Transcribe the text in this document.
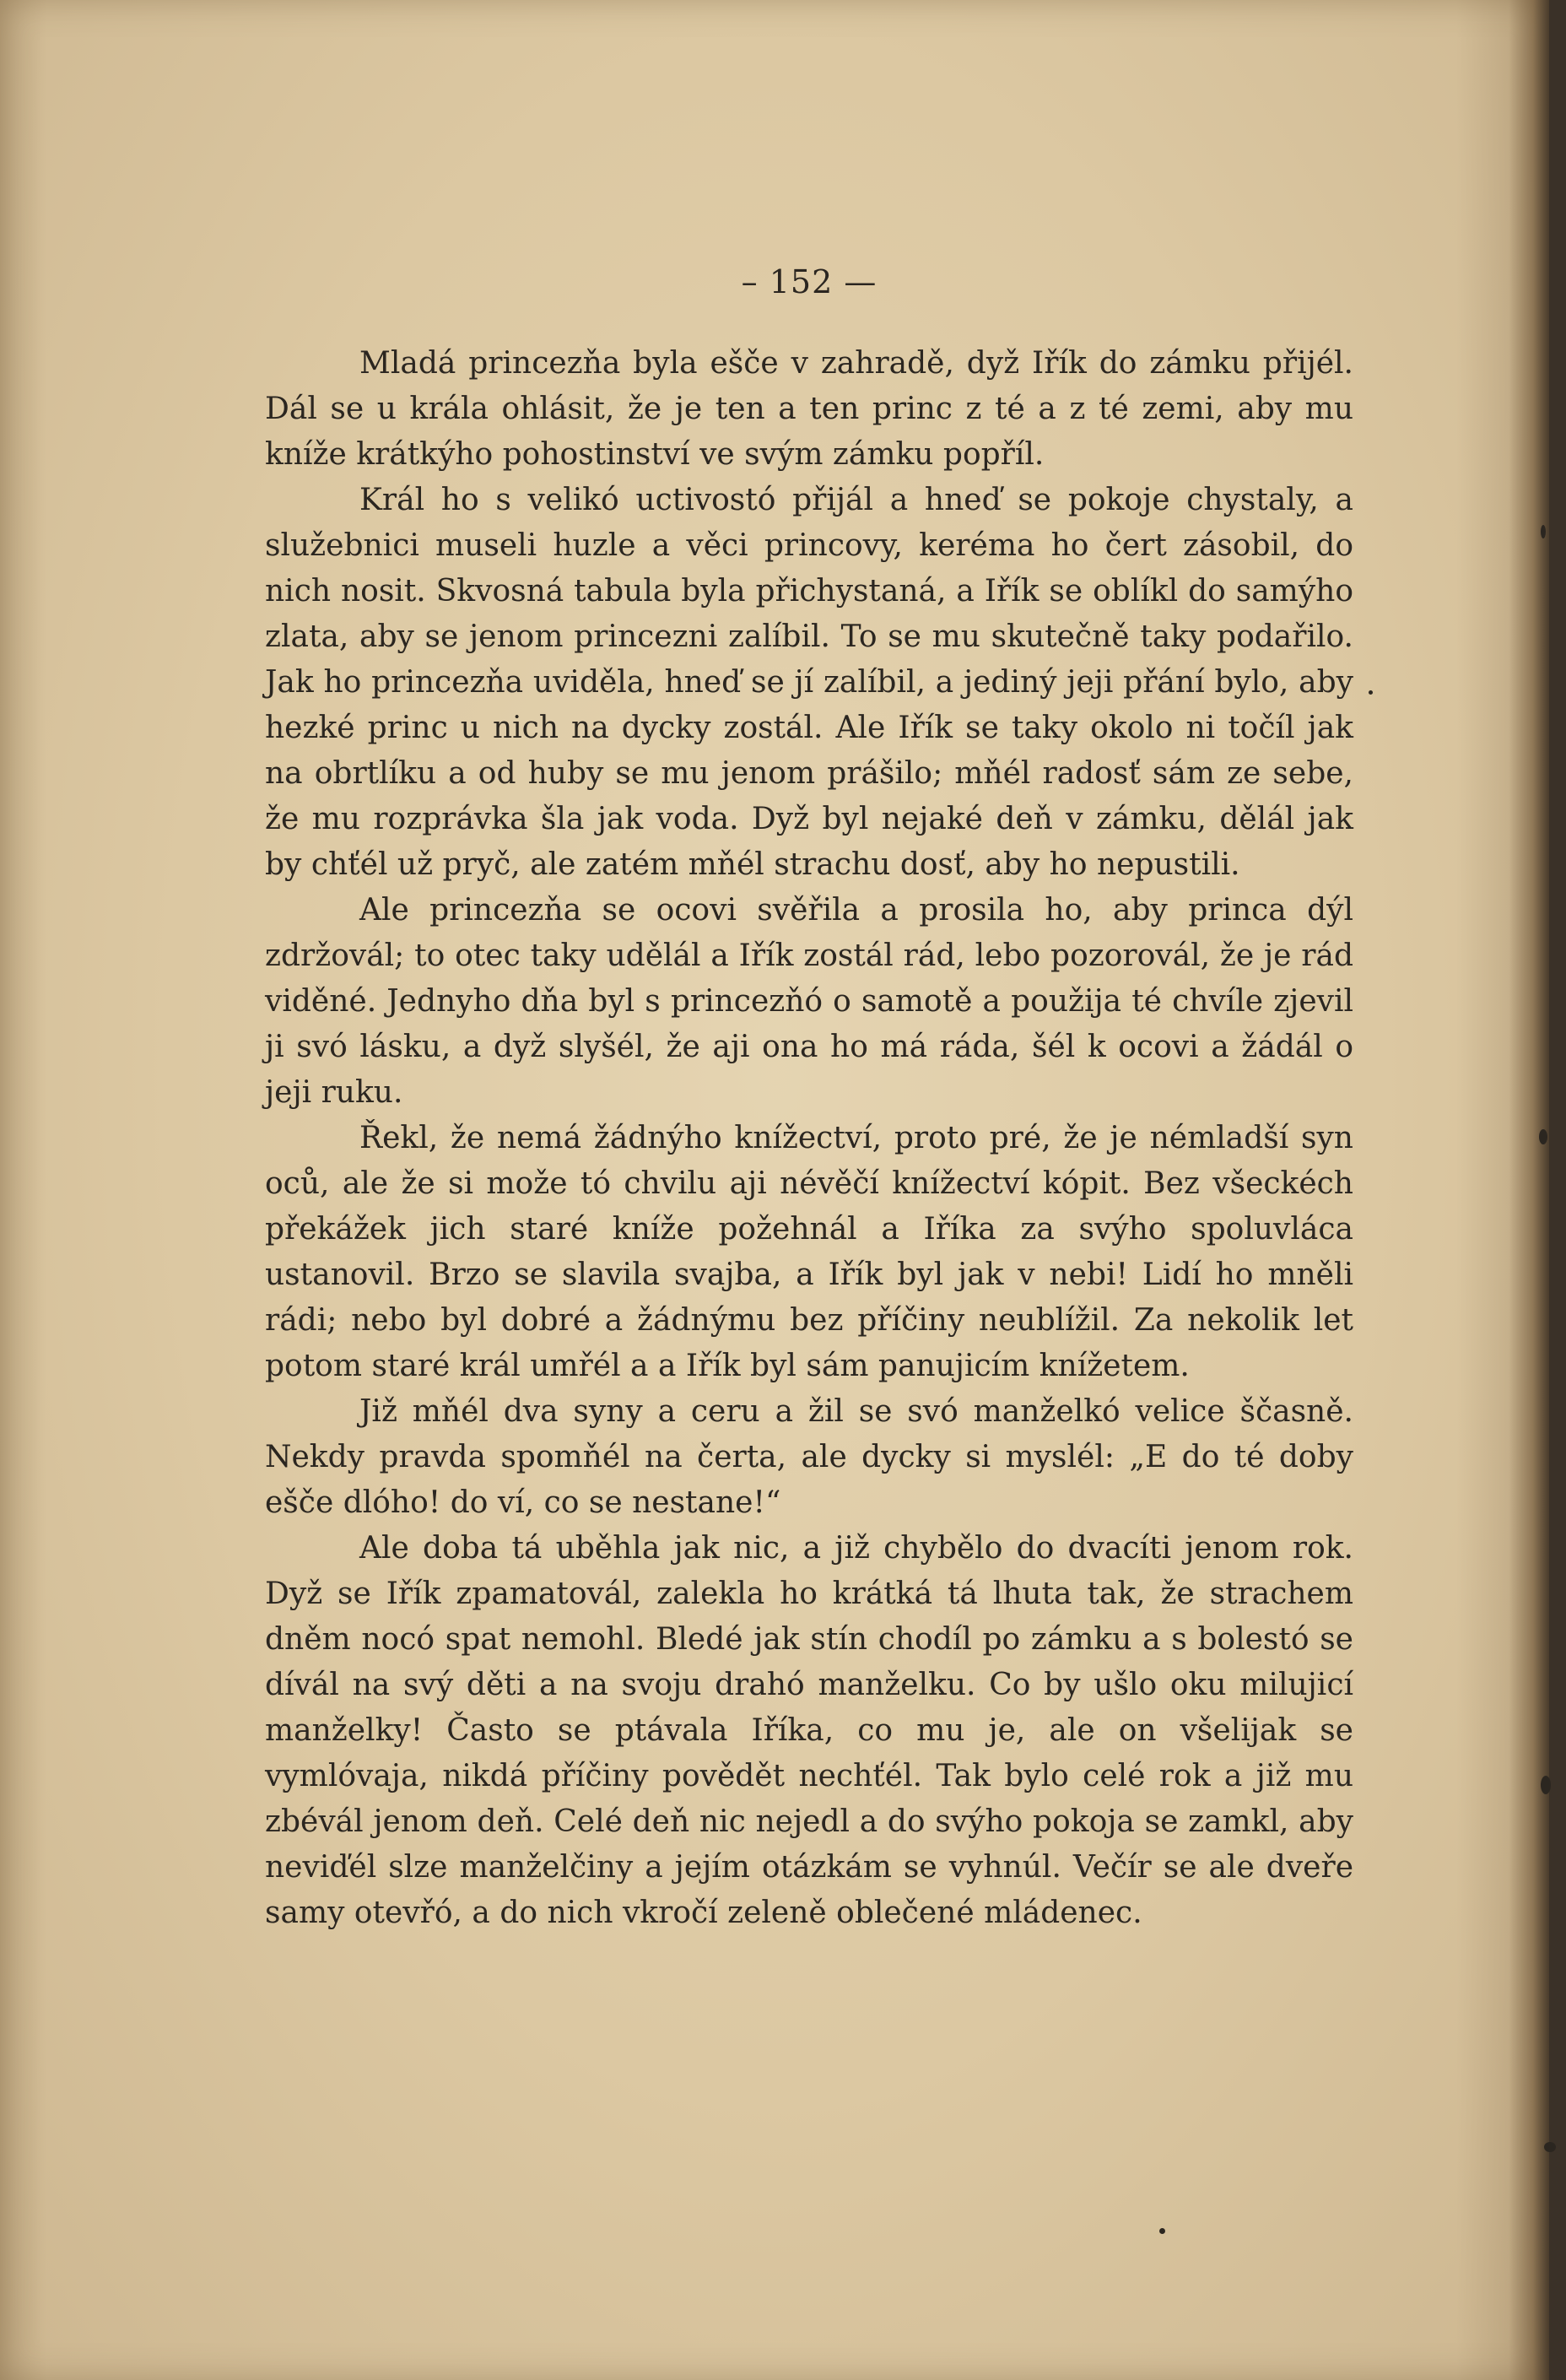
– 152 —

Mladá princezňa byla ešče v zahradě, dyž Iřík do zámku přijél. Dál se u krála ohlásit, že je ten a ten princ z té a z té zemi, aby mu kníže krátkýho pohostinství ve svým zámku popříl.

Král ho s velikó uctivostó přijál a hneď se pokoje chystaly, a služebnici museli huzle a věci princovy, keréma ho čert zásobil, do nich nosit. Skvosná tabula byla přichystaná, a Iřík se oblíkl do samýho zlata, aby se jenom princezni zalíbil. To se mu skutečně taky podařilo. Jak ho princezňa uviděla, hneď se jí zalíbil, a jediný jeji přání bylo, aby hezké princ u nich na dycky zostál. Ale Iřík se taky okolo ni točíl jak na obrtlíku a od huby se mu jenom prášilo; mňél radosť sám ze sebe, že mu rozprávka šla jak voda. Dyž byl nejaké deň v zámku, dělál jak by chťél už pryč, ale zatém mňél strachu dosť, aby ho nepustili.

Ale princezňa se ocovi svěřila a prosila ho, aby princa dýl zdržovál; to otec taky udělál a Iřík zostál rád, lebo pozorovál, že je rád viděné. Jednyho dňa byl s princezňó o samotě a použija té chvíle zjevil ji svó lásku, a dyž slyšél, že aji ona ho má ráda, šél k ocovi a žádál o jeji ruku.

Řekl, že nemá žádnýho knížectví, proto pré, že je némladší syn oců, ale že si može tó chvilu aji névěčí knížectví kópit. Bez všeckéch překážek jich staré kníže požehnál a Iříka za svýho spoluvláca ustanovil. Brzo se slavila svajba, a Iřík byl jak v nebi! Lidí ho mněli rádi; nebo byl dobré a žádnýmu bez příčiny neublížil. Za nekolik let potom staré král umřél a a Iřík byl sám panujicím knížetem.

Již mňél dva syny a ceru a žil se svó manželkó velice ščasně. Nekdy pravda spomňél na čerta, ale dycky si myslél: „E do té doby ešče dlóho! do ví, co se nestane!“

Ale doba tá uběhla jak nic, a již chybělo do dvacíti jenom rok. Dyž se Iřík zpamatovál, zalekla ho krátká tá lhuta tak, že strachem dněm nocó spat nemohl. Bledé jak stín chodíl po zámku a s bolestó se dívál na svý děti a na svoju drahó manželku. Co by ušlo oku milujicí manželky! Často se ptávala Iříka, co mu je, ale on všelijak se vymlóvaja, nikdá příčiny povědět nechťél. Tak bylo celé rok a již mu zbévál jenom deň. Celé deň nic nejedl a do svýho pokoja se zamkl, aby neviďél slze manželčiny a jejím otázkám se vyhnúl. Večír se ale dveře samy otevřó, a do nich vkročí zeleně oblečené mládenec.
